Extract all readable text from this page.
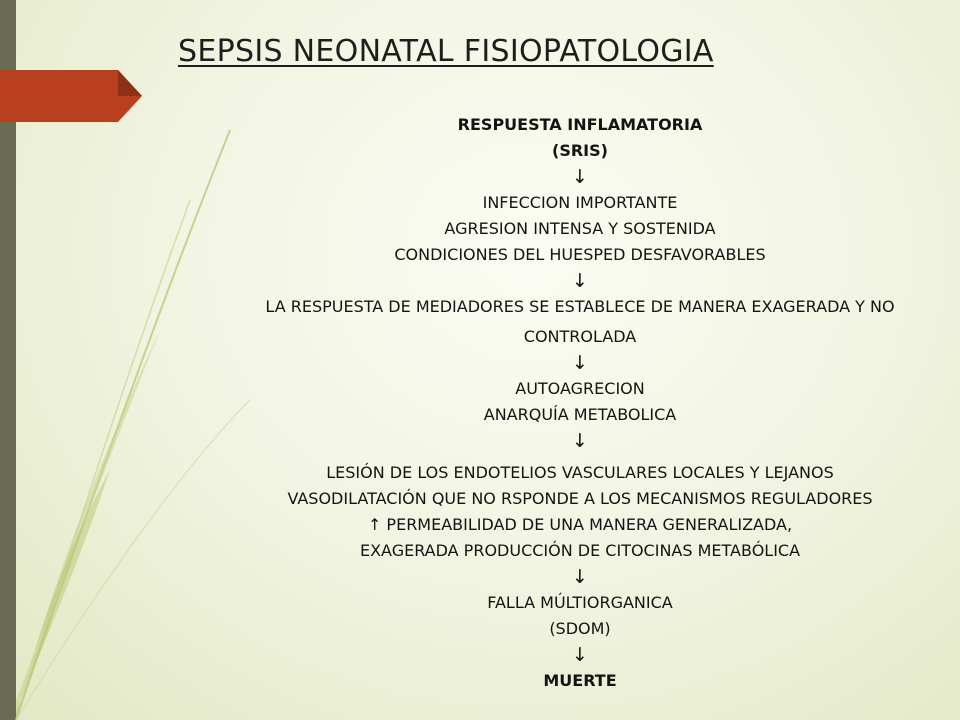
SEPSIS NEONATAL FISIOPATOLOGIA
RESPUESTA INFLAMATORIA
(SRIS)
↓
INFECCION IMPORTANTE
AGRESION INTENSA Y SOSTENIDA
CONDICIONES DEL HUESPED DESFAVORABLES
↓
LA RESPUESTA DE MEDIADORES SE ESTABLECE DE MANERA EXAGERADA Y NO
CONTROLADA
↓
AUTOAGRECION
ANARQUÍA METABOLICA
↓
LESIÓN DE LOS ENDOTELIOS VASCULARES LOCALES Y LEJANOS
VASODILATACIÓN QUE NO RSPONDE A LOS MECANISMOS REGULADORES
↑ PERMEABILIDAD DE UNA MANERA GENERALIZADA,
EXAGERADA PRODUCCIÓN DE CITOCINAS METABÓLICA
↓
FALLA MÚLTIORGANICA
(SDOM)
↓
MUERTE
